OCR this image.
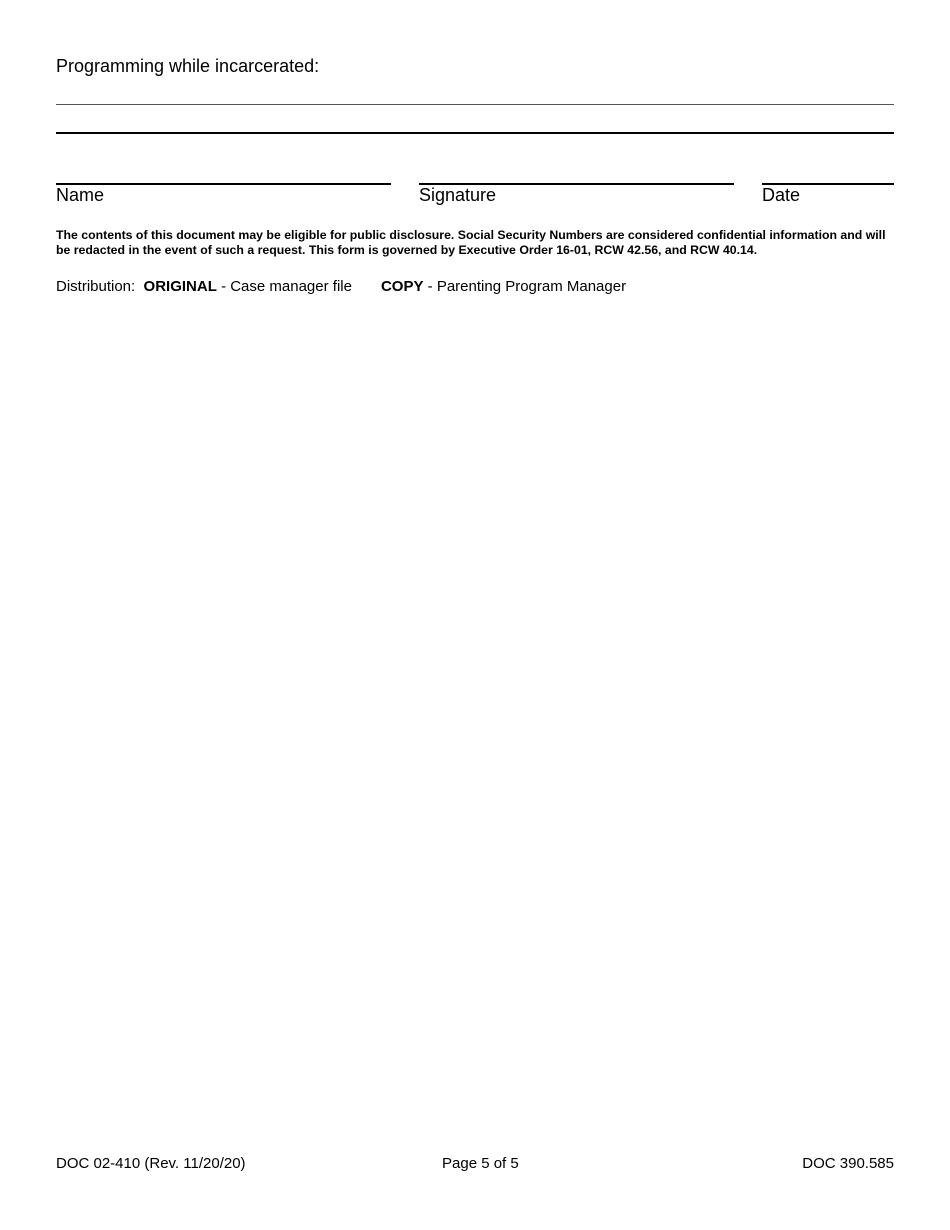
Programming while incarcerated:
Name	Signature	Date
The contents of this document may be eligible for public disclosure. Social Security Numbers are considered confidential information and will be redacted in the event of such a request. This form is governed by Executive Order 16-01, RCW 42.56, and RCW 40.14.
Distribution: ORIGINAL - Case manager file COPY - Parenting Program Manager
DOC 02-410 (Rev. 11/20/20)	Page 5 of 5	DOC 390.585
